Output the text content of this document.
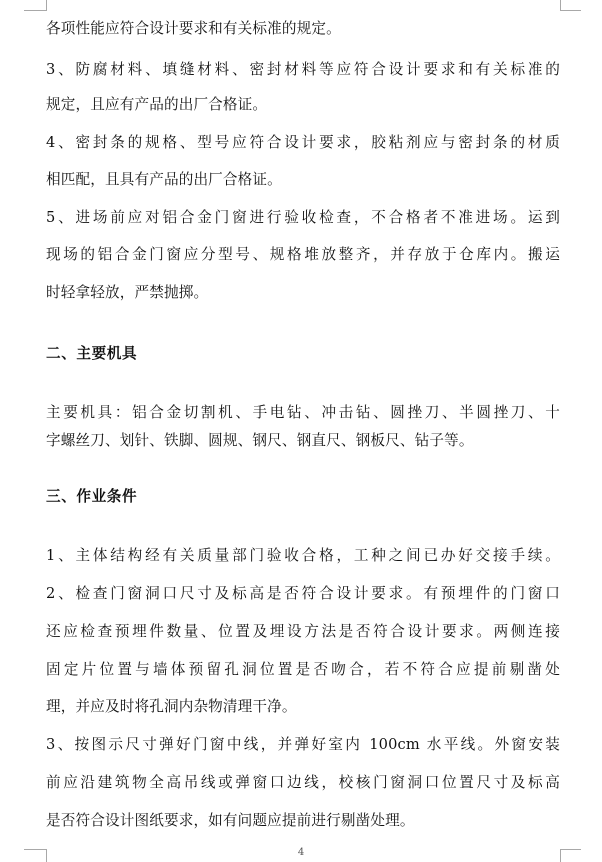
各项性能应符合设计要求和有关标准的规定。
3、防腐材料、填缝材料、密封材料等应符合设计要求和有关标准的
规定，且应有产品的出厂合格证。
4、密封条的规格、型号应符合设计要求，胶粘剂应与密封条的材质
相匹配，且具有产品的出厂合格证。
5、进场前应对铝合金门窗进行验收检查，不合格者不准进场。运到
现场的铝合金门窗应分型号、规格堆放整齐，并存放于仓库内。搬运
时轻拿轻放，严禁抛掷。
二、主要机具
主要机具：铝合金切割机、手电钻、冲击钻、圆挫刀、半圆挫刀、十
字螺丝刀、划针、铁脚、圆规、钢尺、钢直尺、钢板尺、钻子等。
三、作业条件
1、主体结构经有关质量部门验收合格，工种之间已办好交接手续。
2、检查门窗洞口尺寸及标高是否符合设计要求。有预埋件的门窗口
还应检查预埋件数量、位置及埋设方法是否符合设计要求。两侧连接
固定片位置与墙体预留孔洞位置是否吻合，若不符合应提前剔凿处
理，并应及时将孔洞内杂物清理干净。
3、按图示尺寸弹好门窗中线，并弹好室内 100cm 水平线。外窗安装
前应沿建筑物全高吊线或弹窗口边线，校核门窗洞口位置尺寸及标高
是否符合设计图纸要求，如有问题应提前进行剔凿处理。
4
